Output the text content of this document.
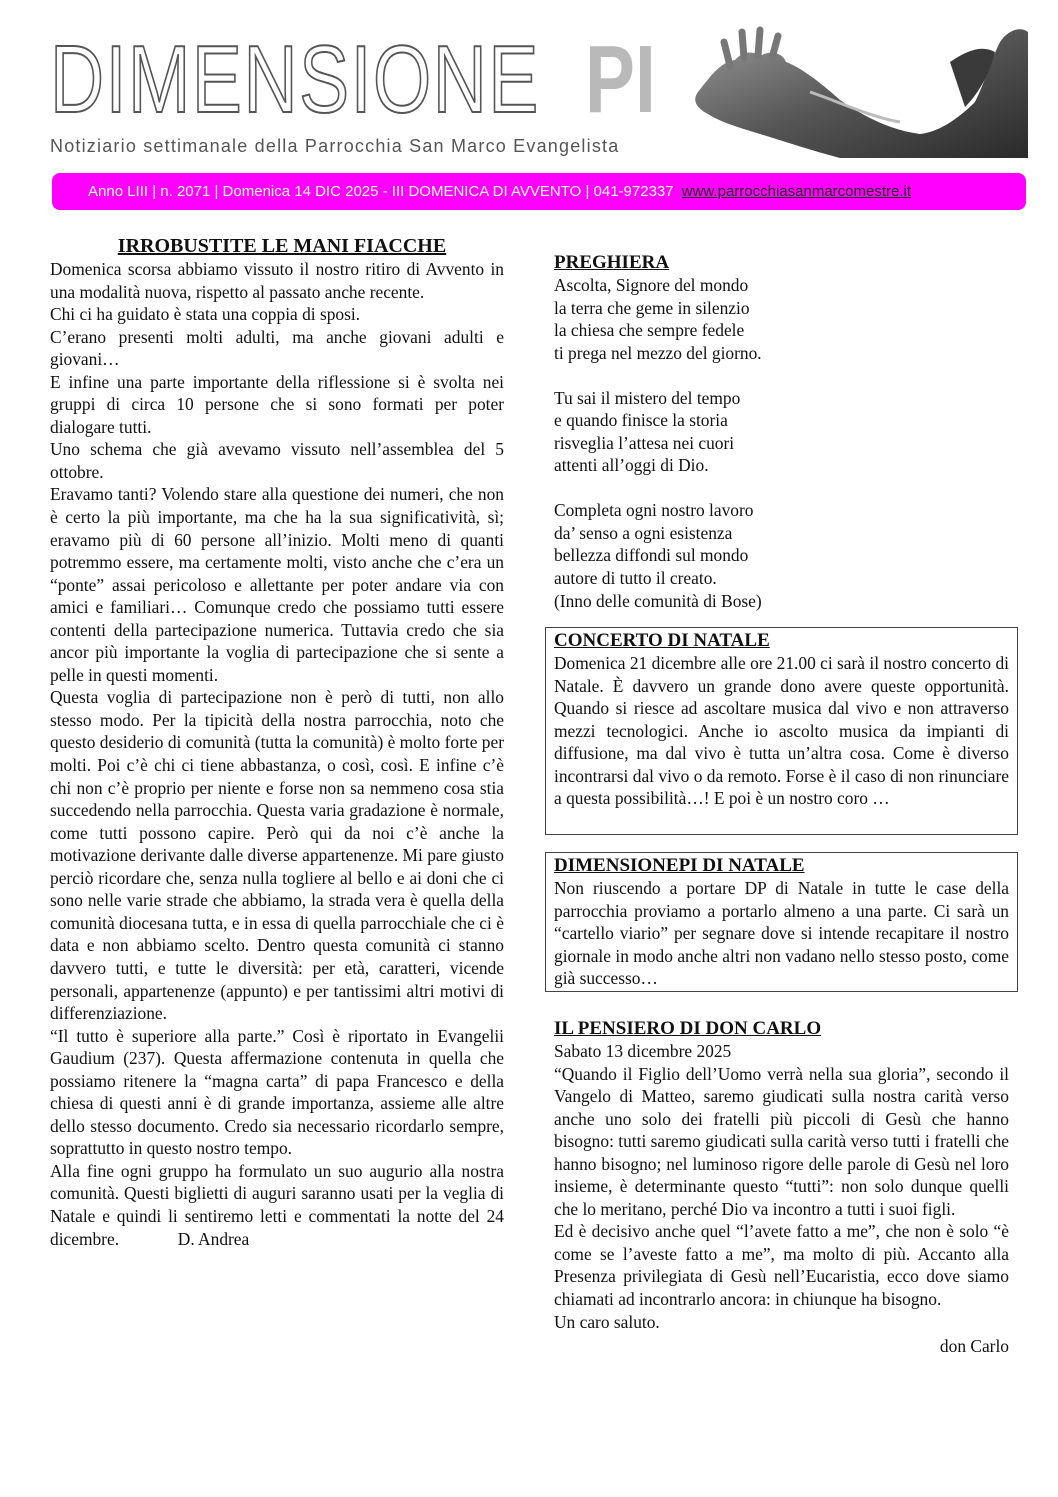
DIMENSIONE PI
Notiziario settimanale della Parrocchia San Marco Evangelista
Anno LIII | n. 2071 | Domenica 14 DIC 2025 - III DOMENICA DI AVVENTO | 041-972337 www.parrocchiasanmarcomestre.it

IRROBUSTITE LE MANI FIACCHE

Domenica scorsa abbiamo vissuto il nostro ritiro di Avvento in una modalità nuova, rispetto al passato anche recente.

Chi ci ha guidato è stata una coppia di sposi.

C’erano presenti molti adulti, ma anche giovani adulti e giovani…

E infine una parte importante della riflessione si è svolta nei gruppi di circa 10 persone che si sono formati per poter dialogare tutti.

Uno schema che già avevamo vissuto nell’assemblea del 5 ottobre.

Eravamo tanti? Volendo stare alla questione dei numeri, che non è certo la più importante, ma che ha la sua significatività, sì; eravamo più di 60 persone all’inizio. Molti meno di quanti potremmo essere, ma certamente molti, visto anche che c’era un “ponte” assai pericoloso e allettante per poter andare via con amici e familiari… Comunque credo che possiamo tutti essere contenti della partecipazione numerica. Tuttavia credo che sia ancor più importante la voglia di partecipazione che si sente a pelle in questi momenti.

Questa voglia di partecipazione non è però di tutti, non allo stesso modo. Per la tipicità della nostra parrocchia, noto che questo desiderio di comunità (tutta la comunità) è molto forte per molti. Poi c’è chi ci tiene abbastanza, o così, così. E infine c’è chi non c’è proprio per niente e forse non sa nemmeno cosa stia succedendo nella parrocchia. Questa varia gradazione è normale, come tutti possono capire. Però qui da noi c’è anche la motivazione derivante dalle diverse appartenenze. Mi pare giusto perciò ricordare che, senza nulla togliere al bello e ai doni che ci sono nelle varie strade che abbiamo, la strada vera è quella della comunità diocesana tutta, e in essa di quella parrocchiale che ci è data e non abbiamo scelto. Dentro questa comunità ci stanno davvero tutti, e tutte le diversità: per età, caratteri, vicende personali, appartenenze (appunto) e per tantissimi altri motivi di differenziazione.

“Il tutto è superiore alla parte.” Così è riportato in Evangelii Gaudium (237). Questa affermazione contenuta in quella che possiamo ritenere la “magna carta” di papa Francesco e della chiesa di questi anni è di grande importanza, assieme alle altre dello stesso documento. Credo sia necessario ricordarlo sempre, soprattutto in questo nostro tempo.

Alla fine ogni gruppo ha formulato un suo augurio alla nostra comunità. Questi biglietti di auguri saranno usati per la veglia di Natale e quindi li sentiremo letti e commentati la notte del 24 dicembre.	D. Andrea

PREGHIERA

Ascolta, Signore del mondo
la terra che geme in silenzio
la chiesa che sempre fedele
ti prega nel mezzo del giorno.
Tu sai il mistero del tempo
e quando finisce la storia
risveglia l’attesa nei cuori
attenti all’oggi di Dio.
Completa ogni nostro lavoro
da’ senso a ogni esistenza
bellezza diffondi sul mondo
autore di tutto il creato.
(Inno delle comunità di Bose)

CONCERTO DI NATALE

Domenica 21 dicembre alle ore 21.00 ci sarà il nostro concerto di Natale. È davvero un grande dono avere queste opportunità. Quando si riesce ad ascoltare musica dal vivo e non attraverso mezzi tecnologici. Anche io ascolto musica da impianti di diffusione, ma dal vivo è tutta un’altra cosa. Come è diverso incontrarsi dal vivo o da remoto. Forse è il caso di non rinunciare a questa possibilità…! E poi è un nostro coro …

DIMENSIONEPI DI NATALE

Non riuscendo a portare DP di Natale in tutte le case della parrocchia proviamo a portarlo almeno a una parte. Ci sarà un “cartello viario” per segnare dove si intende recapitare il nostro giornale in modo anche altri non vadano nello stesso posto, come già successo…

IL PENSIERO DI DON CARLO

Sabato 13 dicembre 2025

“Quando il Figlio dell’Uomo verrà nella sua gloria”, secondo il Vangelo di Matteo, saremo giudicati sulla nostra carità verso anche uno solo dei fratelli più piccoli di Gesù che hanno bisogno: tutti saremo giudicati sulla carità verso tutti i fratelli che hanno bisogno; nel luminoso rigore delle parole di Gesù nel loro insieme, è determinante questo “tutti”: non solo dunque quelli che lo meritano, perché Dio va incontro a tutti i suoi figli.

Ed è decisivo anche quel “l’avete fatto a me”, che non è solo “è come se l’aveste fatto a me”, ma molto di più. Accanto alla Presenza privilegiata di Gesù nell’Eucaristia, ecco dove siamo chiamati ad incontrarlo ancora: in chiunque ha bisogno.

Un caro saluto.

don Carlo
